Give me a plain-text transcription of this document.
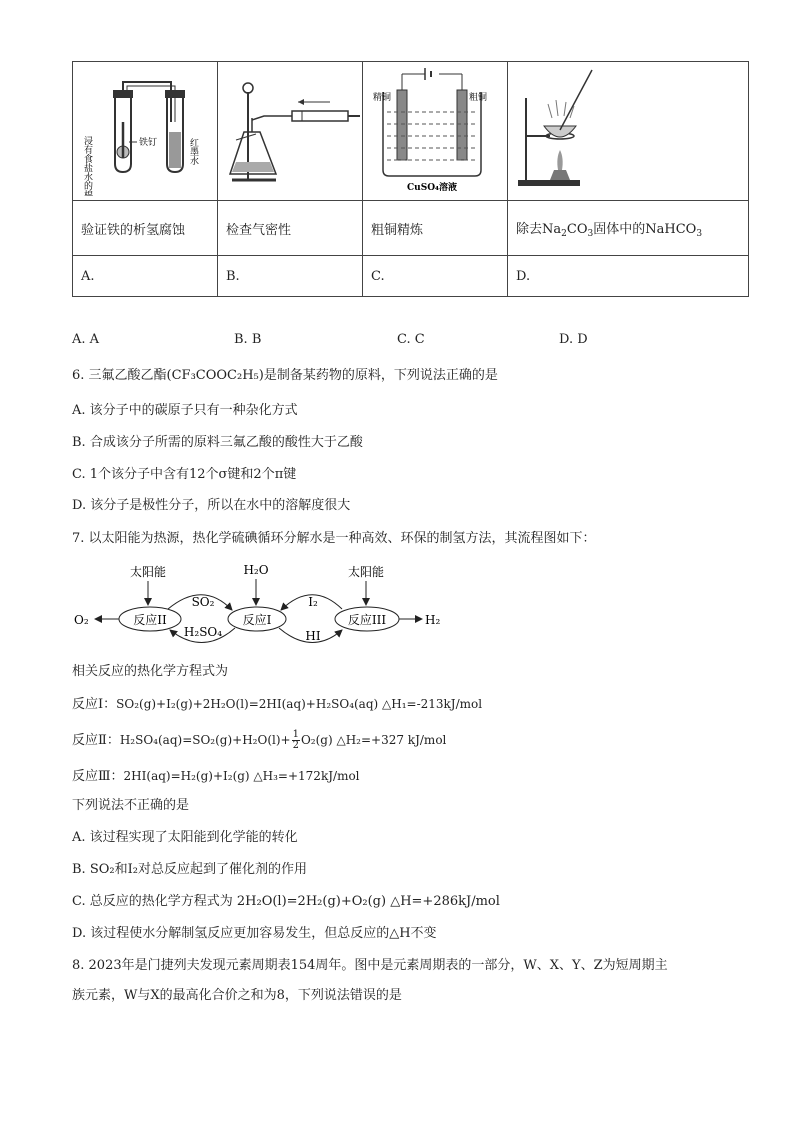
浸有食盐水的棉团 铁钉 红墨水		精铜 粗铜
CuSO₄溶液

验证铁的析氢腐蚀	检查气密性	粗铜精炼	除去$Na_2CO_3$固体中的NaHCO$_3$
A.	B.	C.	D.
A. A	B. B	C. C	D. D
6. 三氟乙酸乙酯(CF₃COOC₂H₅)是制备某药物的原料，下列说法正确的是
A. 该分子中的碳原子只有一种杂化方式
B. 合成该分子所需的原料三氟乙酸的酸性大于乙酸
C. 1个该分子中含有12个σ键和2个π键
D. 该分子是极性分子，所以在水中的溶解度很大
7. 以太阳能为热源，热化学硫碘循环分解水是一种高效、环保的制氢方法，其流程图如下：
反应II	反应I	反应III
太阳能	H₂O	太阳能
SO₂
H₂SO₄
I₂
HI
O₂	H₂
相关反应的热化学方程式为
反应I：SO₂(g)+I₂(g)+2H₂O(l)=2HI(aq)+H₂SO₄(aq) △H₁=-213kJ/mol
反应Ⅱ：$H_2SO_4(aq)=SO_2(g)+H_2O(l)+ \frac{1}{2} O_2(g)$ △H₂=+327 kJ/mol
反应Ⅲ：2HI(aq)=H₂(g)+I₂(g) △H₃=+172kJ/mol
下列说法不正确的是
A. 该过程实现了太阳能到化学能的转化
B. SO₂和I₂对总反应起到了催化剂的作用
C. 总反应的热化学方程式为 2H₂O(l)=2H₂(g)+O₂(g) △H=+286kJ/mol
D. 该过程使水分解制氢反应更加容易发生，但总反应的△H不变
8. 2023年是门捷列夫发现元素周期表154周年。图中是元素周期表的一部分，W、X、Y、Z为短周期主
族元素，W与X的最高化合价之和为8，下列说法错误的是
